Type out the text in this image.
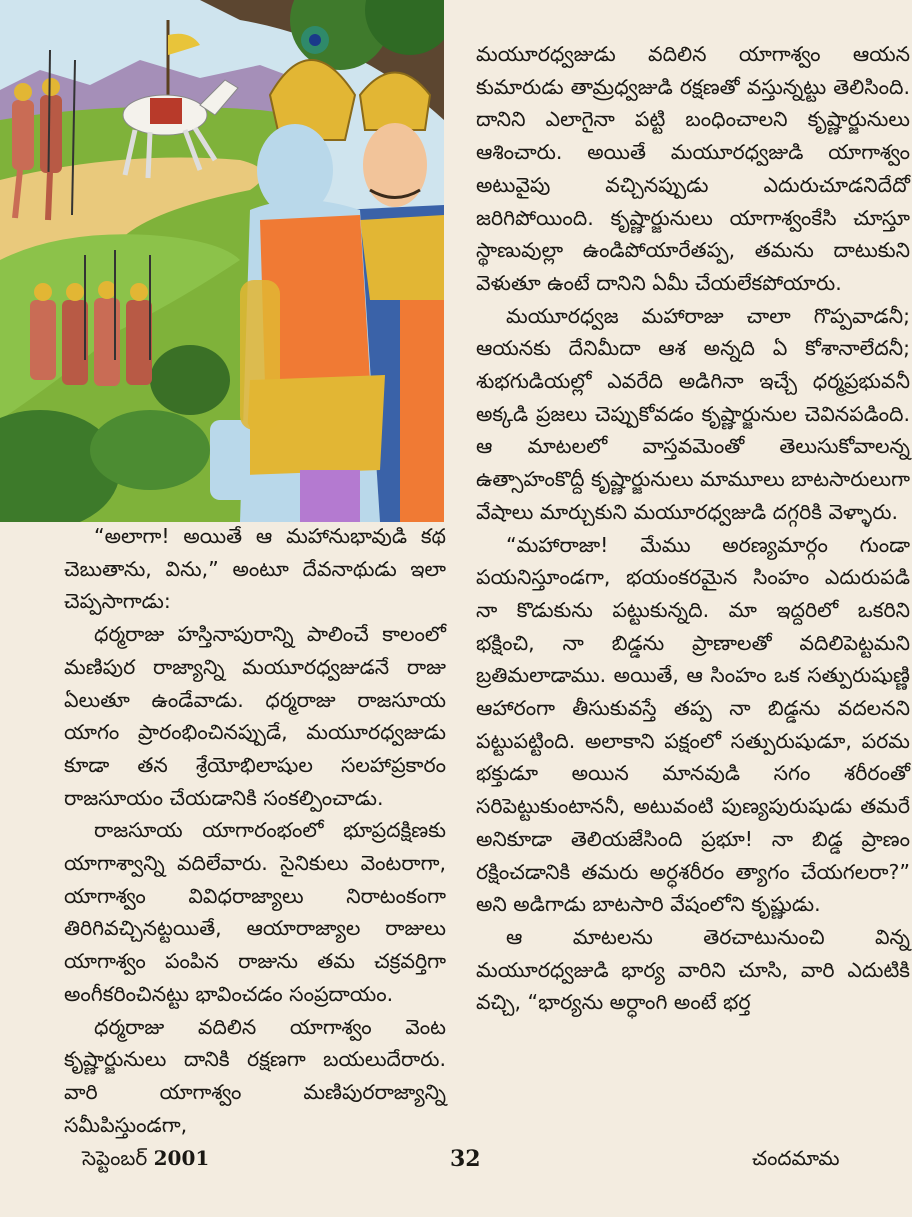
“అలాగా! అయితే ఆ మహానుభావుడి కథ చెబుతాను, విను,” అంటూ దేవనాథుడు ఇలా చెప్పసాగాడు:

ధర్మరాజు హస్తినాపురాన్ని పాలించే కాలంలో మణిపుర రాజ్యాన్ని మయూరధ్వజుడనే రాజు ఏలుతూ ఉండేవాడు. ధర్మరాజు రాజసూయ యాగం ప్రారంభించినప్పుడే, మయూరధ్వజుడు కూడా తన శ్రేయోభిలాషుల సలహాప్రకారం రాజసూయం చేయడానికి సంకల్పించాడు.

రాజసూయ యాగారంభంలో భూప్రదక్షిణకు యాగాశ్వాన్ని వదిలేవారు. సైనికులు వెంటరాగా, యాగాశ్వం వివిధరాజ్యాలు నిరాటంకంగా తిరిగివచ్చినట్టయితే, ఆయారాజ్యాల రాజులు యాగాశ్వం పంపిన రాజును తమ చక్రవర్తిగా అంగీకరించినట్టు భావించడం సంప్రదాయం.

ధర్మరాజు వదిలిన యాగాశ్వం వెంట కృష్ణార్జునులు దానికి రక్షణగా బయలుదేరారు. వారి యాగాశ్వం మణిపురరాజ్యాన్ని సమీపిస్తుండగా,

మయూరధ్వజుడు వదిలిన యాగాశ్వం ఆయన కుమారుడు తామ్రధ్వజుడి రక్షణతో వస్తున్నట్టు తెలిసింది. దానిని ఎలాగైనా పట్టి బంధించాలని కృష్ణార్జునులు ఆశించారు. అయితే మయూరధ్వజుడి యాగాశ్వం అటువైపు వచ్చినప్పుడు ఎదురుచూడనిదేదో జరిగిపోయింది. కృష్ణార్జునులు యాగాశ్వంకేసి చూస్తూ స్థాణువుల్లా ఉండిపోయారేతప్ప, తమను దాటుకుని వెళుతూ ఉంటే దానిని ఏమీ చేయలేకపోయారు.

మయూరధ్వజ మహారాజు చాలా గొప్పవాడనీ; ఆయనకు దేనిమీదా ఆశ అన్నది ఏ కోశానాలేదనీ; శుభగుడియల్లో ఎవరేది అడిగినా ఇచ్చే ధర్మప్రభువనీ అక్కడి ప్రజలు చెప్పుకోవడం కృష్ణార్జునుల చెవినపడింది. ఆ మాటలలో వాస్తవమెంతో తెలుసుకోవాలన్న ఉత్సాహంకొద్దీ కృష్ణార్జునులు మామూలు బాటసారులుగా వేషాలు మార్చుకుని మయూరధ్వజుడి దగ్గరికి వెళ్ళారు.

“మహారాజా! మేము అరణ్యమార్గం గుండా పయనిస్తూండగా, భయంకరమైన సింహం ఎదురుపడి నా కొడుకును పట్టుకున్నది. మా ఇద్దరిలో ఒకరిని భక్షించి, నా బిడ్డను ప్రాణాలతో వదిలిపెట్టమని బ్రతిమలాడాము. అయితే, ఆ సింహం ఒక సత్పురుషుణ్ణి ఆహారంగా తీసుకువస్తే తప్ప నా బిడ్డను వదలనని పట్టుపట్టింది. అలాకాని పక్షంలో సత్పురుషుడూ, పరమ భక్తుడూ అయిన మానవుడి సగం శరీరంతో సరిపెట్టుకుంటాననీ, అటువంటి పుణ్యపురుషుడు తమరే అనికూడా తెలియజేసింది ప్రభూ! నా బిడ్డ ప్రాణం రక్షించడానికి తమరు అర్ధశరీరం త్యాగం చేయగలరా?” అని అడిగాడు బాటసారి వేషంలోని కృష్ణుడు.

ఆ మాటలను తెరచాటునుంచి విన్న మయూరధ్వజుడి భార్య వారిని చూసి, వారి ఎదుటికి వచ్చి, “భార్యను అర్ధాంగి అంటే భర్త

సెప్టెంబర్ 2001	32	చందమామ
